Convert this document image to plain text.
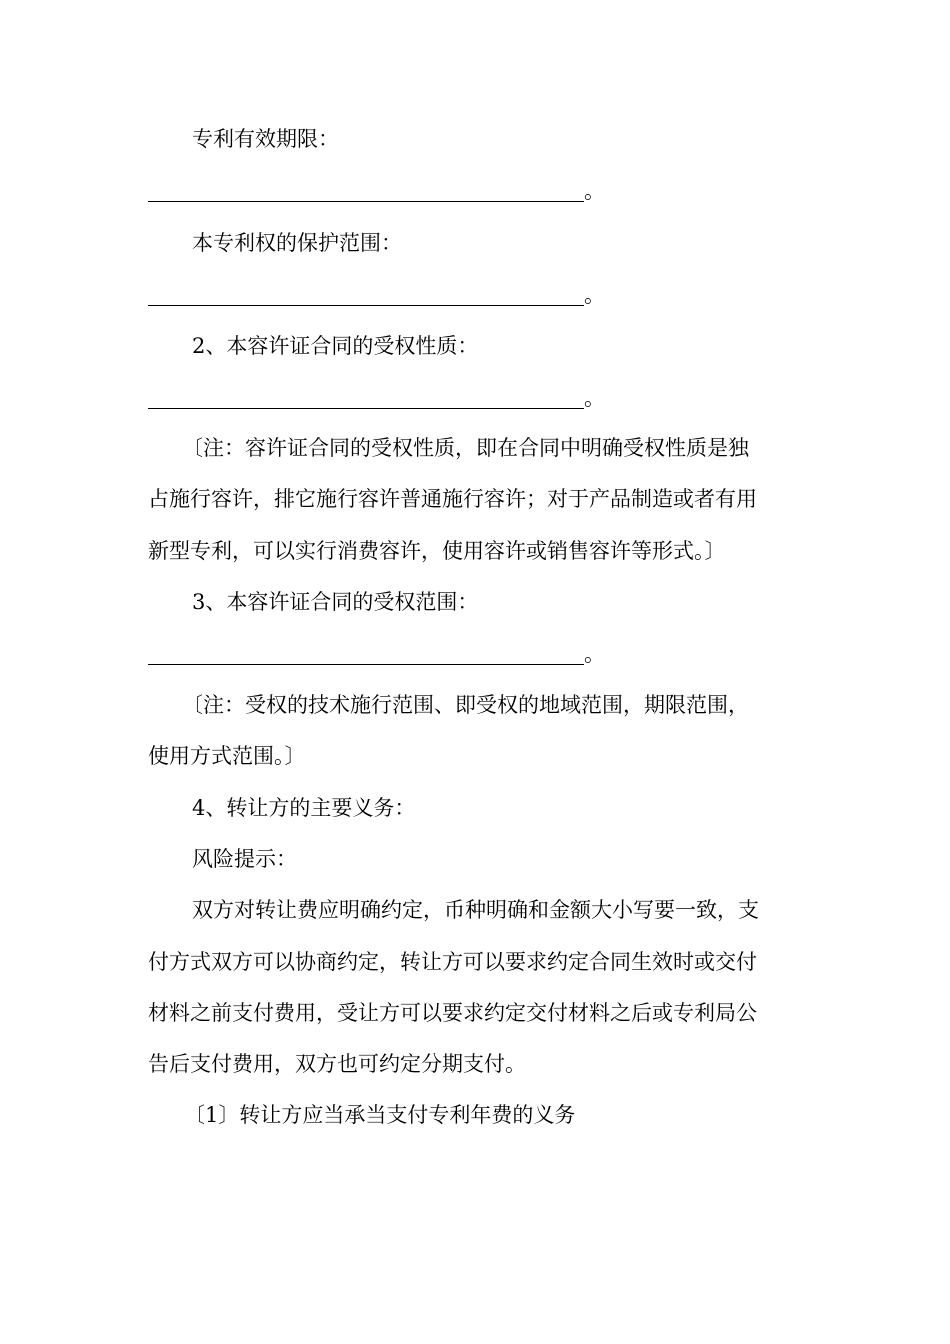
专利有效期限：
。
本专利权的保护范围：
。
2、本容许证合同的受权性质：
。
〔注：容许证合同的受权性质，即在合同中明确受权性质是独
占施行容许，排它施行容许普通施行容许；对于产品制造或者有用
新型专利，可以实行消费容许，使用容许或销售容许等形式。〕
3、本容许证合同的受权范围：
。
〔注：受权的技术施行范围、即受权的地域范围，期限范围，
使用方式范围。〕
4、转让方的主要义务：
风险提示：
双方对转让费应明确约定，币种明确和金额大小写要一致，支
付方式双方可以协商约定，转让方可以要求约定合同生效时或交付
材料之前支付费用，受让方可以要求约定交付材料之后或专利局公
告后支付费用，双方也可约定分期支付。
〔1〕转让方应当承当支付专利年费的义务
